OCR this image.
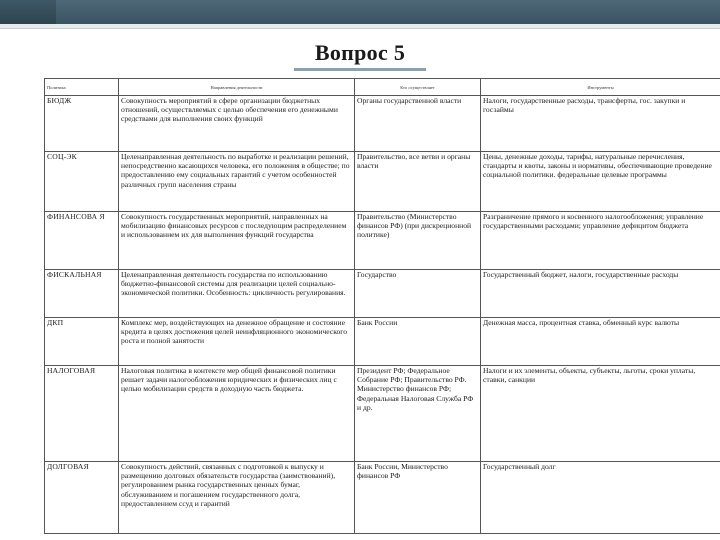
Вопрос 5
Политика	Направления деятельности	Кто осуществляет	Инструменты
БЮДЖ	Совокупность мероприятий в сфере организации бюджетных отношений, осуществляемых с целью обеспечения его денежными средствами для выполнения своих функций	Органы государственной власти	Налоги, государственные расходы, трансферты, гос. закупки и госзаймы
СОЦ-ЭК	Целенаправленная деятельность по выработке и реализации решений, непосредственно касающихся человека, его положения в обществе; по предоставлению ему социальных гарантий с учетом особенностей различных групп населения страны	Правительство, все ветви и органы власти	Цены, денежные доходы, тарифы, натуральные перечисления, стандарты и квоты, законы и нормативы, обеспечивающие проведение социальной политики. федеральные целевые программы
ФИНАНСОВА Я	Совокупность государственных мероприятий, направленных на мобилизацию финансовых ресурсов с последующим распределением и использованием их для выполнения функций государства	Правительство (Министерство финансов РФ) (при дискреционной политике)	Разграничение прямого и косвенного налогообложения; управление государственными расходами; управление дефицитом бюджета
ФИСКАЛЬНАЯ	Целенаправленная деятельность государства по использованию бюджетно-финансовой системы для реализации целей социально-экономической политики. Особенность: цикличность регулирования.	Государство	Государственный бюджет, налоги, государственные расходы
ДКП	Комплекс мер, воздействующих на денежное обращение и состояние кредита в целях достижения целей неинфляционного экономического роста и полной занятости	Банк России	Денежная масса, процентная ставка, обменный курс валюты
НАЛОГОВАЯ	Налоговая политика в контексте мер общей финансовой политики решает задачи налогообложения юридических и физических лиц с целью мобилизации средств в доходную часть бюджета.	Президент РФ; Федеральное Собрание РФ; Правительство РФ. Министерство финансов РФ; Федеральная Налоговая Служба РФ и др.	Налоги и их элементы, объекты, субъекты, льготы, сроки уплаты, ставки, санкции
ДОЛГОВАЯ	Совокупность действий, связанных с подготовкой к выпуску и размещению долговых обязательств государства (заимствований), регулированием рынка государственных ценных бумаг, обслуживанием и погашением государственного долга, предоставлением ссуд и гарантий	Банк России, Министерство финансов РФ	Государственный долг
